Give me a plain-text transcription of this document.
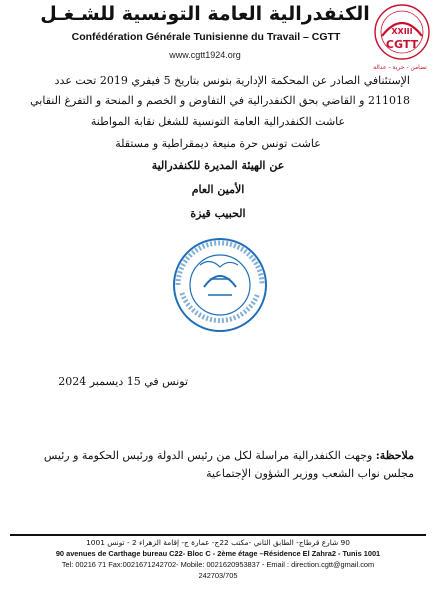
الكنفدرالية العامة التونسية للشـغـل
Confédération Générale Tunisienne du Travail – CGTT
www.cgtt1924.org
XXIII
CGTT
تضامن - حرية - عدالة
الإستئنافي الصادر عن المحكمة الإدارية بتونس بتاريخ 5 فيفري 2019 تحت عدد
211018 و القاضي بحق الكنفدرالية في التفاوض و الخصم و المنحة و التفرغ النقابي
عاشت الكنفدرالية العامة التونسية للشغل نقابة المواطنة
عاشت تونس حرة منيعة ديمقراطية و مستقلة
عن الهيئة المديرة للكنفدرالية
الأمين العام
الحبيب قيزة
تونس في 15 ديسمبر 2024
ملاحظة: وجهت الكنفدرالية مراسلة لكل من رئيس الدولة ورئيس الحكومة و رئيس
مجلس نواب الشعب ووزير الشؤون الإجتماعية
90 شارع قرطاج- الطابق الثاني -مكتب 22ج- عمارة ج- إقامة الزهراء 2 - تونس 1001
90 avenues de Carthage bureau C22- Bloc C - 2ème étage –Résidence El Zahra2 - Tunis 1001
Tel: 00216 71 Fax:0021671242702- Mobile: 0021620953837 - Email : direction.cgtt@gmail.com
242703/705
